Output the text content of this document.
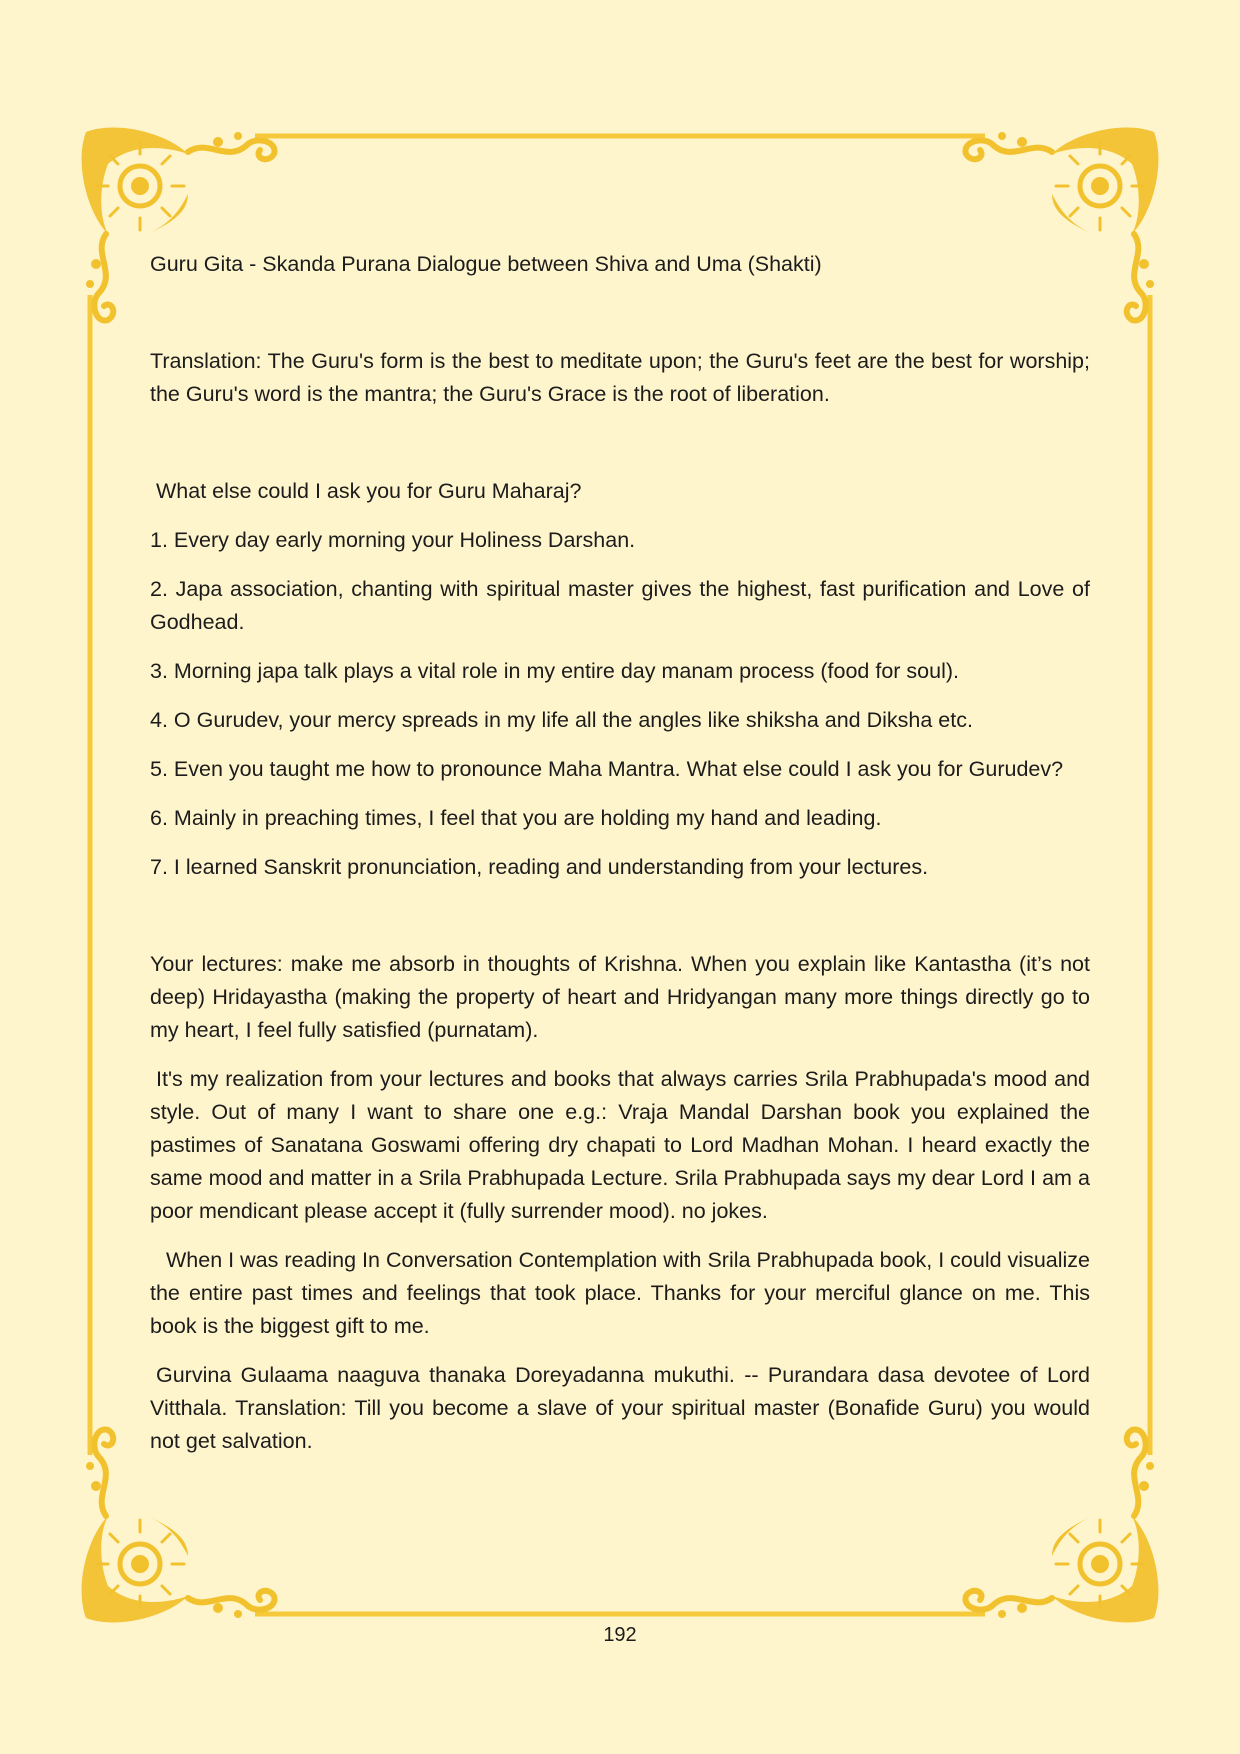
Guru Gita - Skanda Purana Dialogue between Shiva and Uma (Shakti)

Translation: The Guru's form is the best to meditate upon; the Guru's feet are the best for worship; the Guru's word is the mantra; the Guru's Grace is the root of liberation.

What else could I ask you for Guru Maharaj?

1. Every day early morning your Holiness Darshan.

2. Japa association, chanting with spiritual master gives the highest, fast purification and Love of Godhead.

3. Morning japa talk plays a vital role in my entire day manam process (food for soul).

4. O Gurudev, your mercy spreads in my life all the angles like shiksha and Diksha etc.

5. Even you taught me how to pronounce Maha Mantra. What else could I ask you for Gurudev?

6. Mainly in preaching times, I feel that you are holding my hand and leading.

7. I learned Sanskrit pronunciation, reading and understanding from your lectures.

Your lectures: make me absorb in thoughts of Krishna. When you explain like Kantastha (it’s not deep) Hridayastha (making the property of heart and Hridyangan many more things directly go to my heart, I feel fully satisfied (purnatam).

It's my realization from your lectures and books that always carries Srila Prabhupada's mood and style. Out of many I want to share one e.g.: Vraja Mandal Darshan book you explained the pastimes of Sanatana Goswami offering dry chapati to Lord Madhan Mohan. I heard exactly the same mood and matter in a Srila Prabhupada Lecture. Srila Prabhupada says my dear Lord I am a poor mendicant please accept it (fully surrender mood). no jokes.

When I was reading In Conversation Contemplation with Srila Prabhupada book, I could visualize the entire past times and feelings that took place. Thanks for your merciful glance on me. This book is the biggest gift to me.

Gurvina Gulaama naaguva thanaka Doreyadanna mukuthi. -- Purandara dasa devotee of Lord Vitthala. Translation: Till you become a slave of your spiritual master (Bonafide Guru) you would not get salvation.

192
